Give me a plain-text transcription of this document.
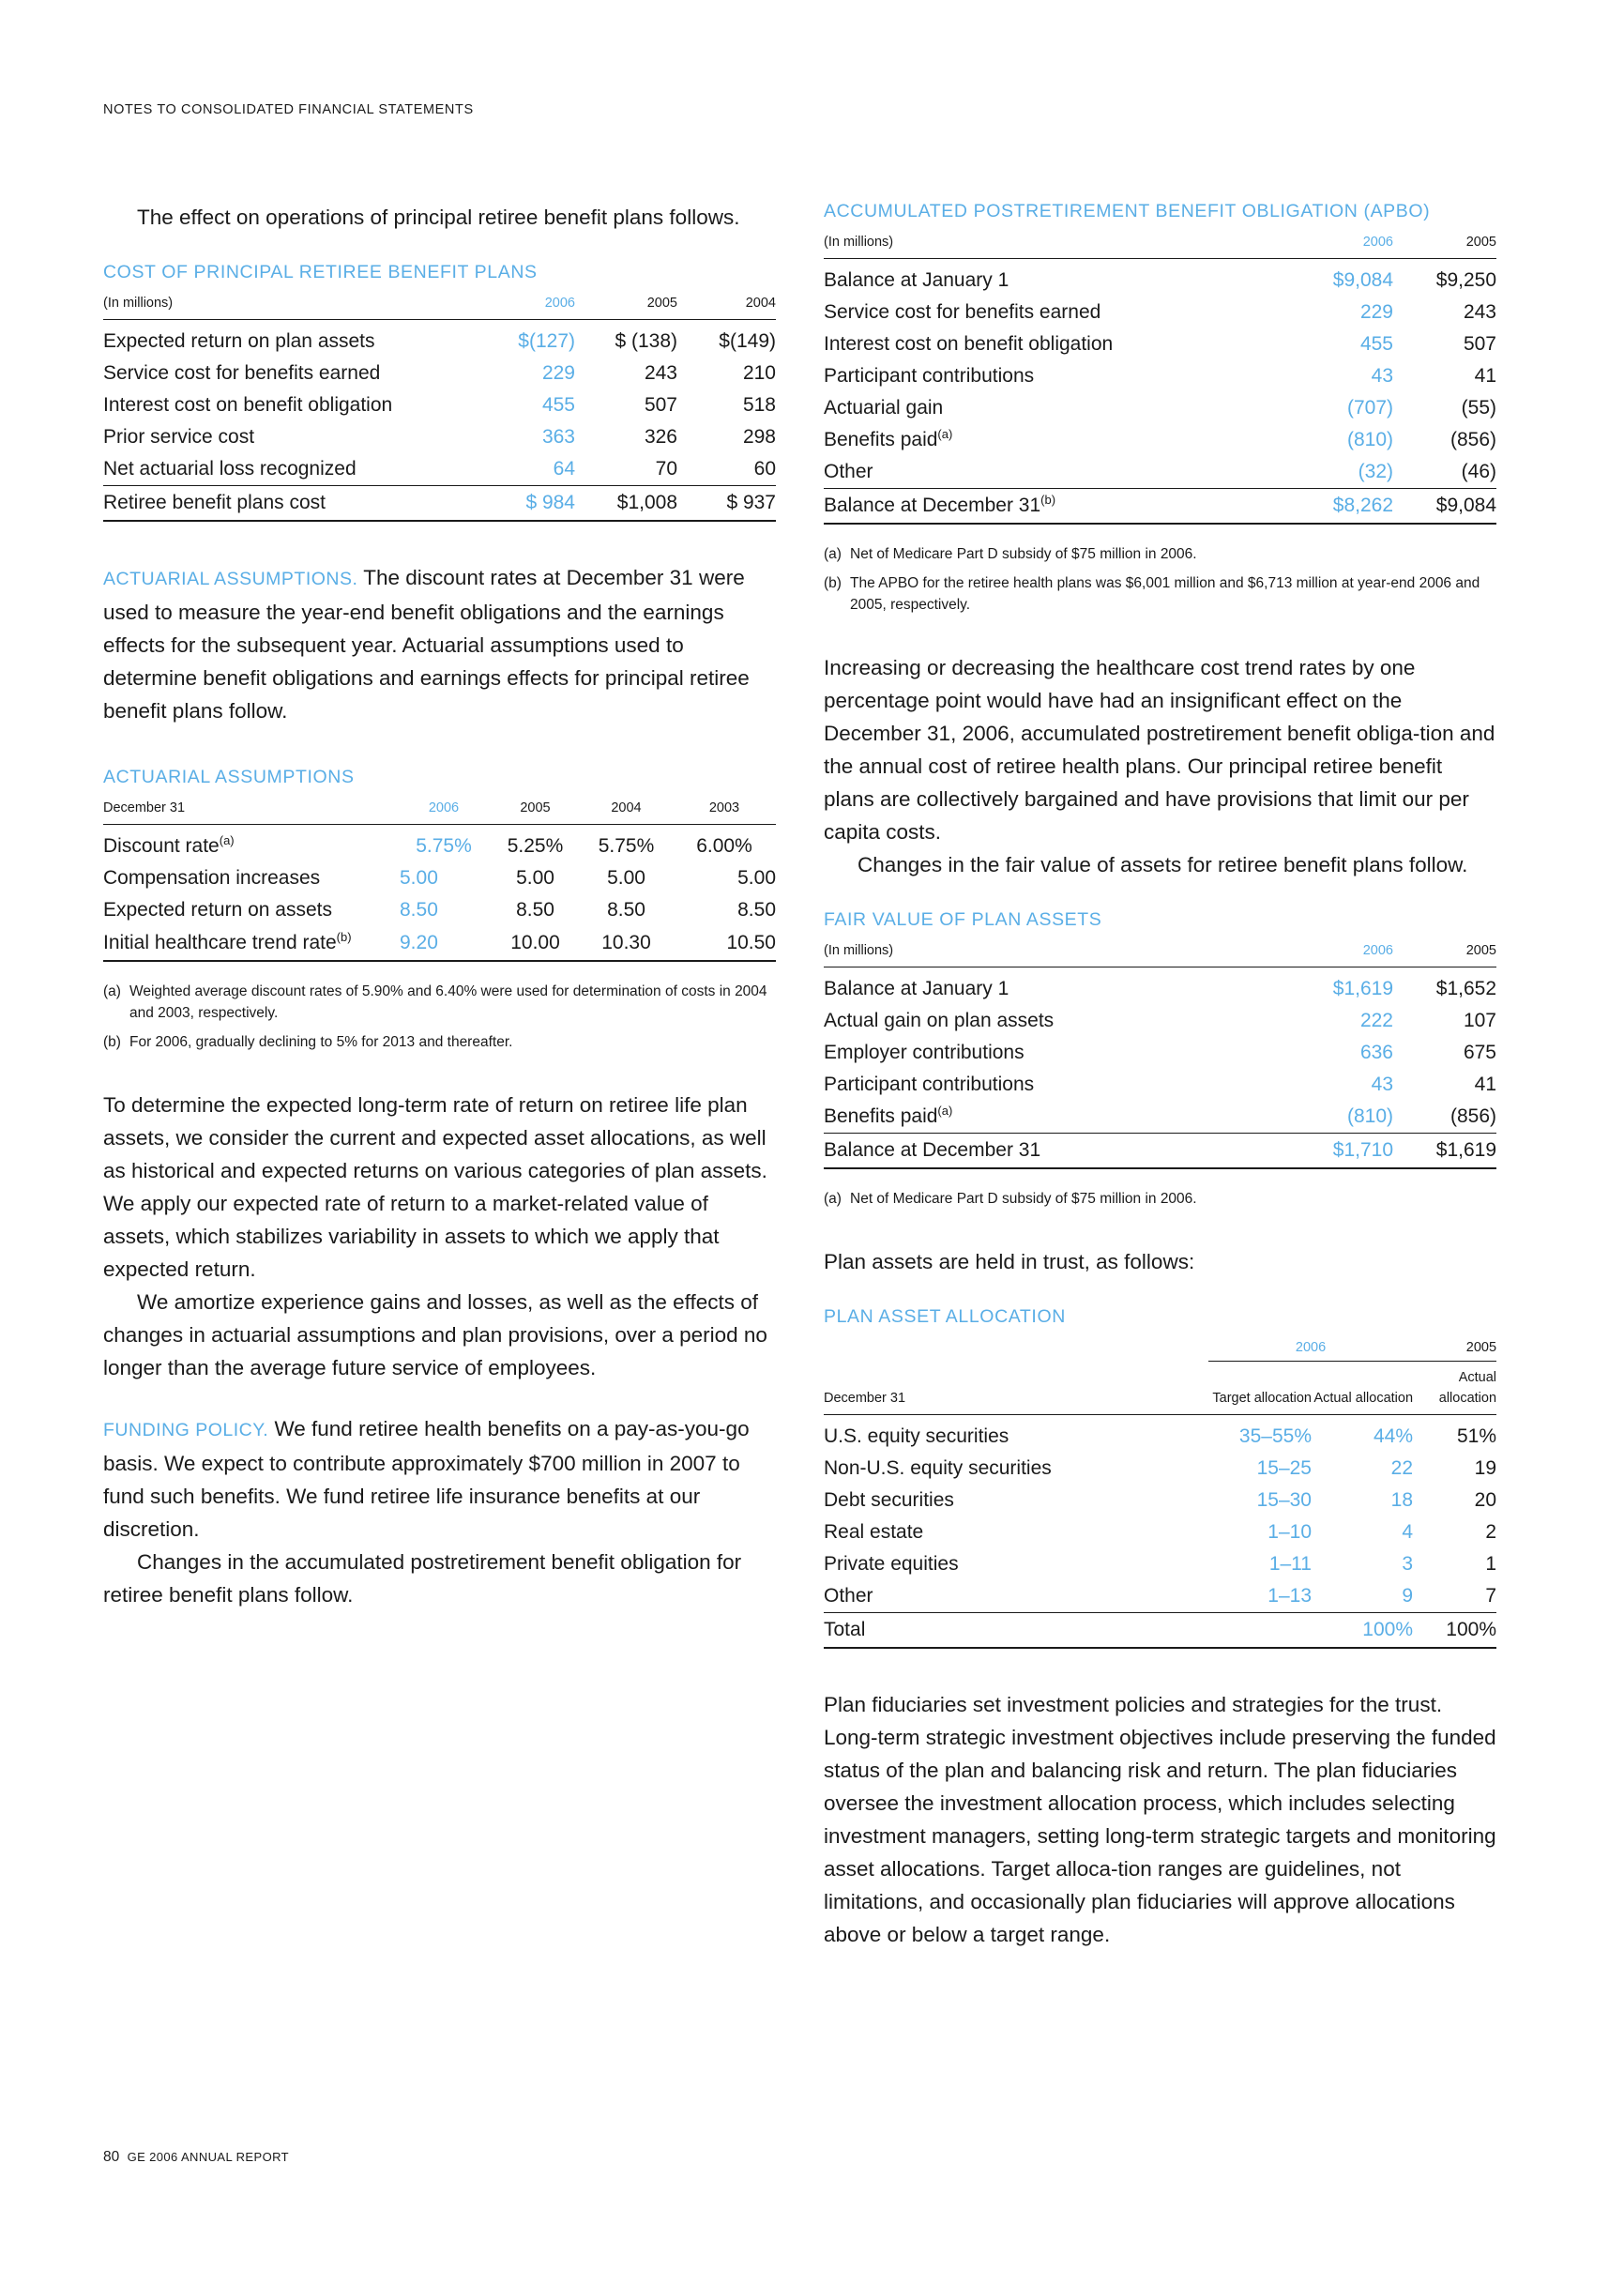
NOTES TO CONSOLIDATED FINANCIAL STATEMENTS

The effect on operations of principal retiree benefit plans follows.

COST OF PRINCIPAL RETIREE BENEFIT PLANS
(In millions)	2006	2005	2004
Expected return on plan assets	$(127)	$ (138)	$(149)
Service cost for benefits earned	229	243	210
Interest cost on benefit obligation	455	507	518
Prior service cost	363	326	298
Net actuarial loss recognized	64	70	60
Retiree benefit plans cost	$ 984	$1,008	$ 937

ACTUARIAL ASSUMPTIONS. The discount rates at December 31 were used to measure the year-end benefit obligations and the earnings effects for the subsequent year. Actuarial assumptions used to determine benefit obligations and earnings effects for principal retiree benefit plans follow.

ACTUARIAL ASSUMPTIONS
December 31	2006	2005	2004	2003
Discount rate$^{(a)}$	5.75%	5.25%	5.75%	6.00%
Compensation increases	5.00	5.00	5.00	5.00
Expected return on assets	8.50	8.50	8.50	8.50
Initial healthcare trend rate$^{(b)}$	9.20	10.00	10.30	10.50

(a) Weighted average discount rates of 5.90% and 6.40% were used for determination of costs in 2004 and 2003, respectively.

(b) For 2006, gradually declining to 5% for 2013 and thereafter.

To determine the expected long-term rate of return on retiree life plan assets, we consider the current and expected asset allocations, as well as historical and expected returns on various categories of plan assets. We apply our expected rate of return to a market-related value of assets, which stabilizes variability in assets to which we apply that expected return.

We amortize experience gains and losses, as well as the effects of changes in actuarial assumptions and plan provisions, over a period no longer than the average future service of employees.

FUNDING POLICY. We fund retiree health benefits on a pay-as-you-go basis. We expect to contribute approximately $700 million in 2007 to fund such benefits. We fund retiree life insurance benefits at our discretion.

Changes in the accumulated postretirement benefit obligation for retiree benefit plans follow.

ACCUMULATED POSTRETIREMENT BENEFIT OBLIGATION (APBO)
(In millions)	2006	2005
Balance at January 1	$9,084	$9,250
Service cost for benefits earned	229	243
Interest cost on benefit obligation	455	507
Participant contributions	43	41
Actuarial gain	(707)	(55)
Benefits paid$^{(a)}$	(810)	(856)
Other	(32)	(46)
Balance at December 31$^{(b)}$	$8,262	$9,084

(a) Net of Medicare Part D subsidy of $75 million in 2006.

(b) The APBO for the retiree health plans was $6,001 million and $6,713 million at year-end 2006 and 2005, respectively.

Increasing or decreasing the healthcare cost trend rates by one percentage point would have had an insignificant effect on the December 31, 2006, accumulated postretirement benefit obliga-tion and the annual cost of retiree health plans. Our principal retiree benefit plans are collectively bargained and have provisions that limit our per capita costs.

Changes in the fair value of assets for retiree benefit plans follow.

FAIR VALUE OF PLAN ASSETS
(In millions)	2006	2005
Balance at January 1	$1,619	$1,652
Actual gain on plan assets	222	107
Employer contributions	636	675
Participant contributions	43	41
Benefits paid$^{(a)}$	(810)	(856)
Balance at December 31	$1,710	$1,619

(a) Net of Medicare Part D subsidy of $75 million in 2006.

Plan assets are held in trust, as follows:

PLAN ASSET ALLOCATION
	2006		2005
December 31	Target allocation	Actual allocation	Actual allocation
U.S. equity securities	35–55%	44%	51%
Non-U.S. equity securities	15–25	22	19
Debt securities	15–30	18	20
Real estate	1–10	4	2
Private equities	1–11	3	1
Other	1–13	9	7
Total		100%	100%

Plan fiduciaries set investment policies and strategies for the trust. Long-term strategic investment objectives include preserving the funded status of the plan and balancing risk and return. The plan fiduciaries oversee the investment allocation process, which includes selecting investment managers, setting long-term strategic targets and monitoring asset allocations. Target alloca-tion ranges are guidelines, not limitations, and occasionally plan fiduciaries will approve allocations above or below a target range.

80 GE 2006 ANNUAL REPORT
